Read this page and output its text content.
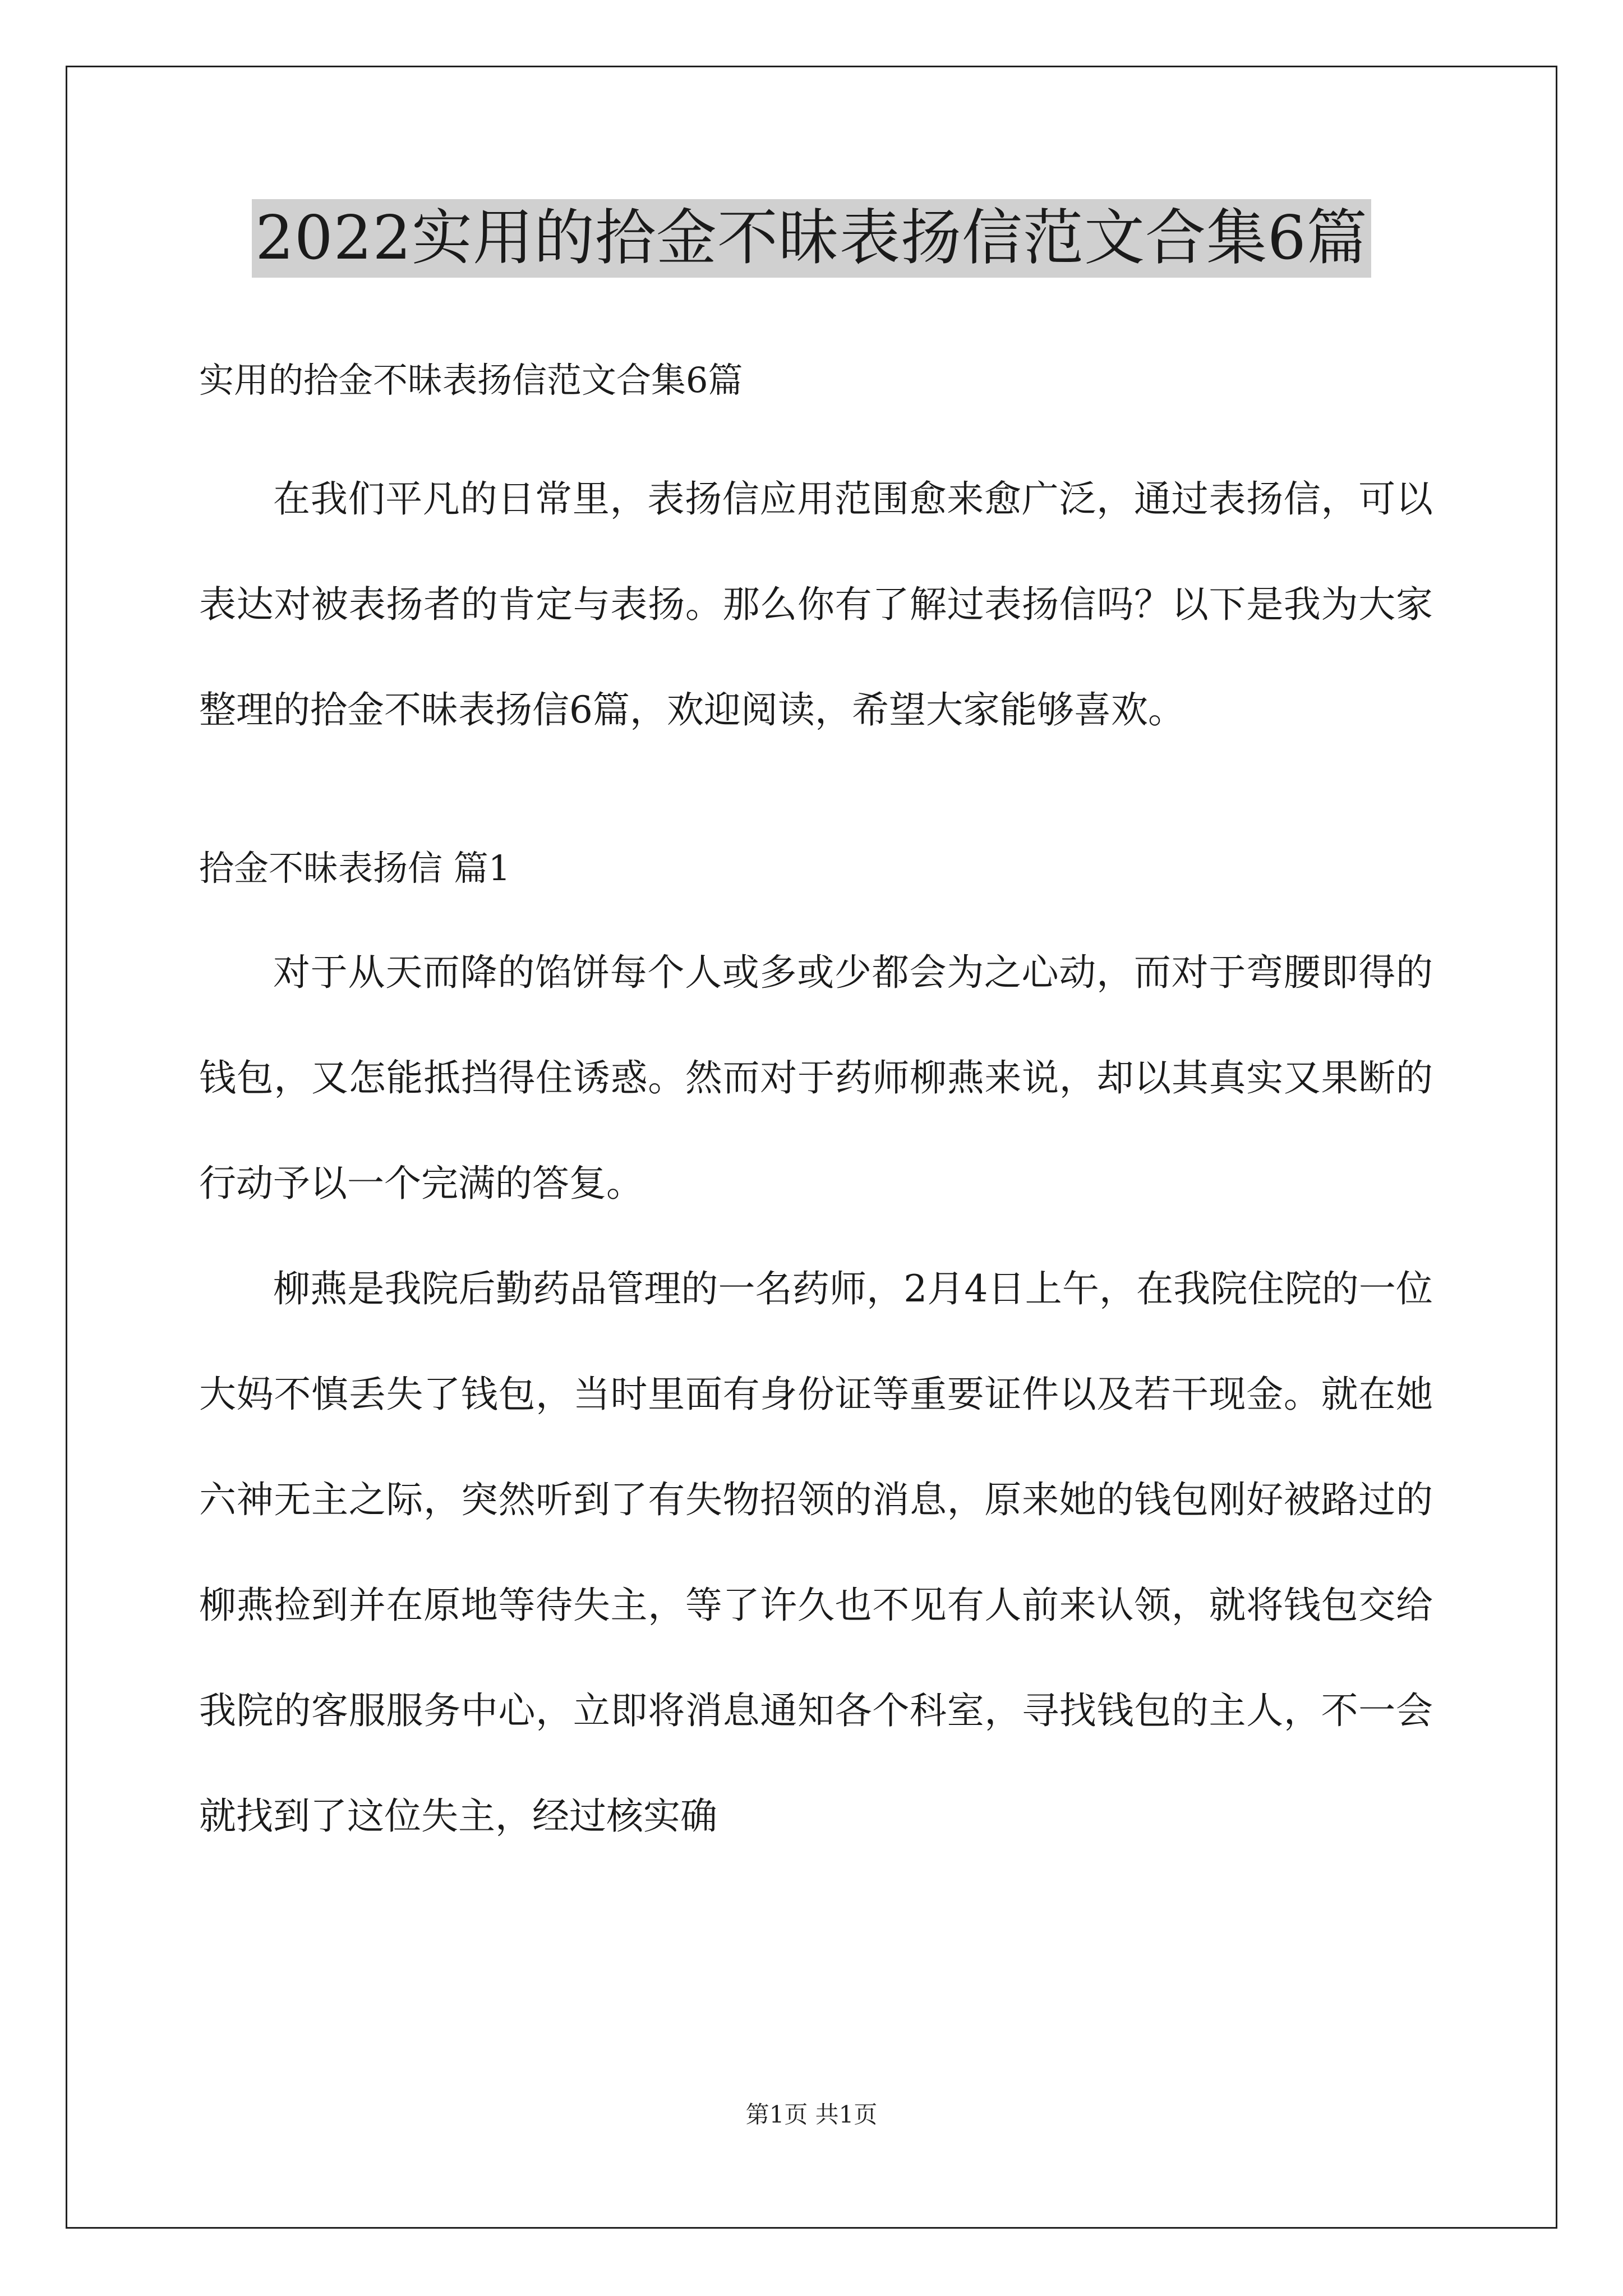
2022实用的拾金不昧表扬信范文合集6篇

实用的拾金不昧表扬信范文合集6篇

在我们平凡的日常里，表扬信应用范围愈来愈广泛，通过表扬信，可以表达对被表扬者的肯定与表扬。那么你有了解过表扬信吗？以下是我为大家整理的拾金不昧表扬信6篇，欢迎阅读，希望大家能够喜欢。

拾金不昧表扬信 篇1

对于从天而降的馅饼每个人或多或少都会为之心动，而对于弯腰即得的钱包，又怎能抵挡得住诱惑。然而对于药师柳燕来说，却以其真实又果断的行动予以一个完满的答复。

柳燕是我院后勤药品管理的一名药师，2月4日上午，在我院住院的一位大妈不慎丢失了钱包，当时里面有身份证等重要证件以及若干现金。就在她六神无主之际，突然听到了有失物招领的消息，原来她的钱包刚好被路过的柳燕捡到并在原地等待失主，等了许久也不见有人前来认领，就将钱包交给我院的客服服务中心，立即将消息通知各个科室，寻找钱包的主人，不一会就找到了这位失主，经过核实确

第1页 共1页
